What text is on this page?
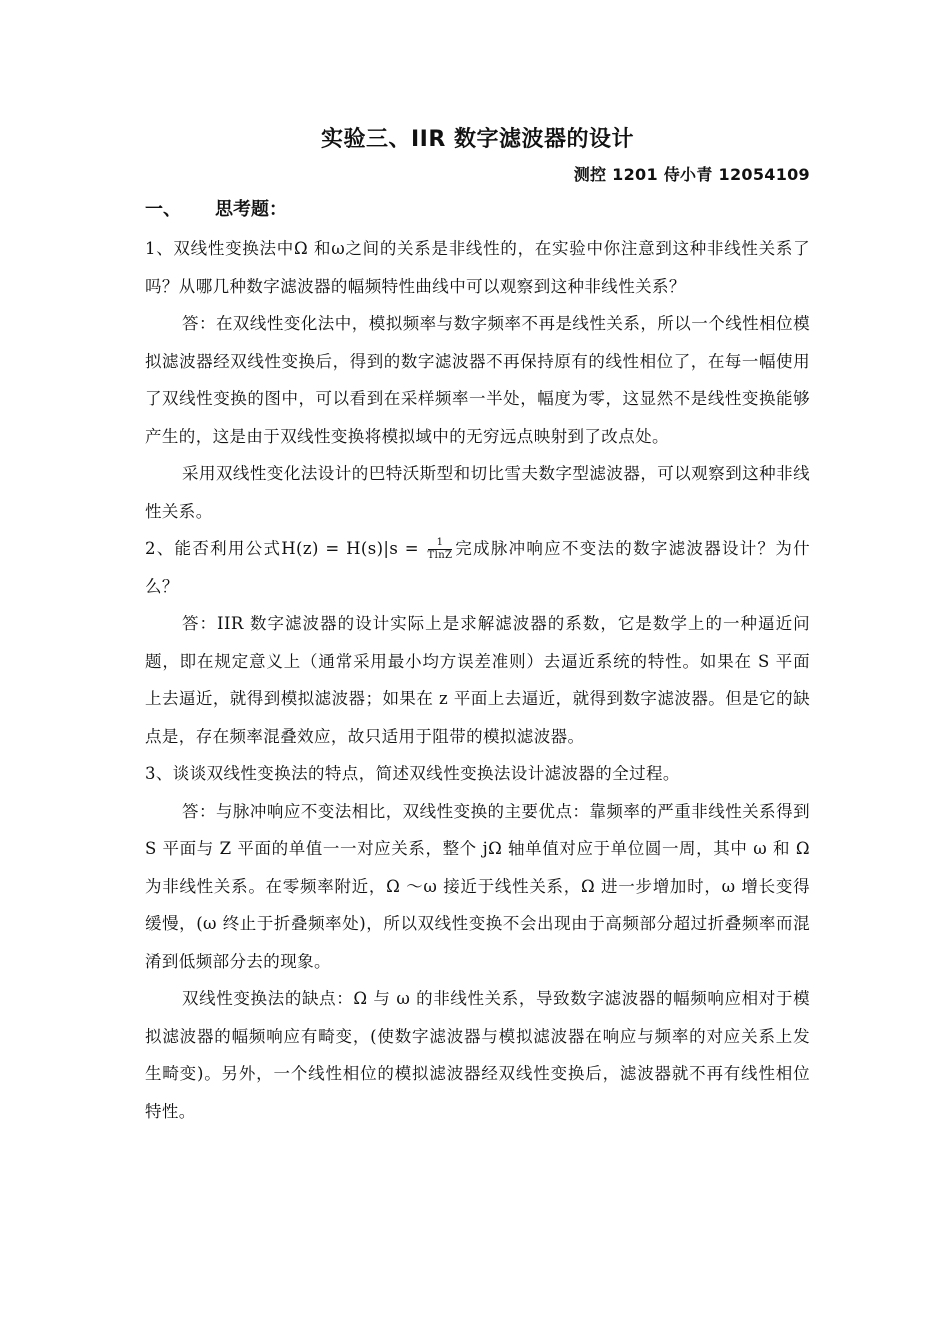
实验三、IIR 数字滤波器的设计
测控 1201 侍小青 12054109
一、 思考题：

1、双线性变换法中Ω 和ω之间的关系是非线性的，在实验中你注意到这种非线性关系了吗？从哪几种数字滤波器的幅频特性曲线中可以观察到这种非线性关系？

答：在双线性变化法中，模拟频率与数字频率不再是线性关系，所以一个线性相位模拟滤波器经双线性变换后，得到的数字滤波器不再保持原有的线性相位了，在每一幅使用了双线性变换的图中，可以看到在采样频率一半处，幅度为零，这显然不是线性变换能够产生的，这是由于双线性变换将模拟域中的无穷远点映射到了改点处。

采用双线性变化法设计的巴特沃斯型和切比雪夫数字型滤波器，可以观察到这种非线性关系。

2、能否利用公式$H(z) = H(s)|s = \frac{1}{TlnZ}$ 完成脉冲响应不变法的数字滤波器设计？为什么？

答：IIR 数字滤波器的设计实际上是求解滤波器的系数，它是数学上的一种逼近问题，即在规定意义上（通常采用最小均方误差准则）去逼近系统的特性。如果在 S 平面上去逼近，就得到模拟滤波器；如果在 z 平面上去逼近，就得到数字滤波器。但是它的缺点是，存在频率混叠效应，故只适用于阻带的模拟滤波器。

3、谈谈双线性变换法的特点，简述双线性变换法设计滤波器的全过程。

答：与脉冲响应不变法相比，双线性变换的主要优点：靠频率的严重非线性关系得到 S 平面与 Z 平面的单值一一对应关系，整个 jΩ 轴单值对应于单位圆一周，其中 ω 和 Ω 为非线性关系。在零频率附近，Ω ～ω 接近于线性关系，Ω 进一步增加时，ω 增长变得缓慢，(ω 终止于折叠频率处)，所以双线性变换不会出现由于高频部分超过折叠频率而混淆到低频部分去的现象。

双线性变换法的缺点：Ω 与 ω 的非线性关系，导致数字滤波器的幅频响应相对于模拟滤波器的幅频响应有畸变，(使数字滤波器与模拟滤波器在响应与频率的对应关系上发生畸变)。另外，一个线性相位的模拟滤波器经双线性变换后，滤波器就不再有线性相位特性。
